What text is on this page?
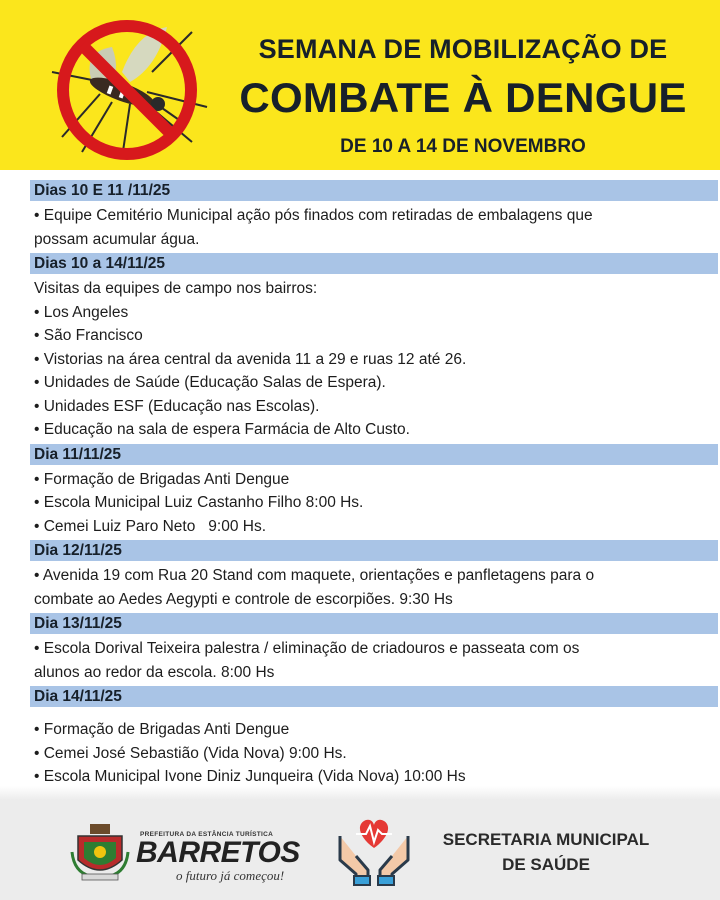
SEMANA DE MOBILIZAÇÃO DE
COMBATE À DENGUE
DE 10 A 14 DE NOVEMBRO
Dias 10 E 11 /11/25
• Equipe Cemitério Municipal ação pós finados com retiradas de embalagens que
possam acumular água.
Dias 10 a 14/11/25
Visitas da equipes de campo nos bairros:
• Los Angeles
• São Francisco
• Vistorias na área central da avenida 11 a 29 e ruas 12 até 26.
• Unidades de Saúde (Educação Salas de Espera).
• Unidades ESF (Educação nas Escolas).
• Educação na sala de espera Farmácia de Alto Custo.
Dia 11/11/25
• Formação de Brigadas Anti Dengue
• Escola Municipal Luiz Castanho Filho 8:00 Hs.
• Cemei Luiz Paro Neto   9:00 Hs.
Dia 12/11/25
• Avenida 19 com Rua 20 Stand com maquete, orientações e panfletagens para o
combate ao Aedes Aegypti e controle de escorpiões. 9:30 Hs
Dia 13/11/25
• Escola Dorival Teixeira palestra / eliminação de criadouros e passeata com os
alunos ao redor da escola. 8:00 Hs
Dia 14/11/25
• Formação de Brigadas Anti Dengue
• Cemei José Sebastião (Vida Nova) 9:00 Hs.
• Escola Municipal Ivone Diniz Junqueira (Vida Nova) 10:00 Hs
PREFEITURA DA ESTÂNCIA TURÍSTICA
BARRETOS
o futuro já começou!
SECRETARIA MUNICIPAL
DE SAÚDE
